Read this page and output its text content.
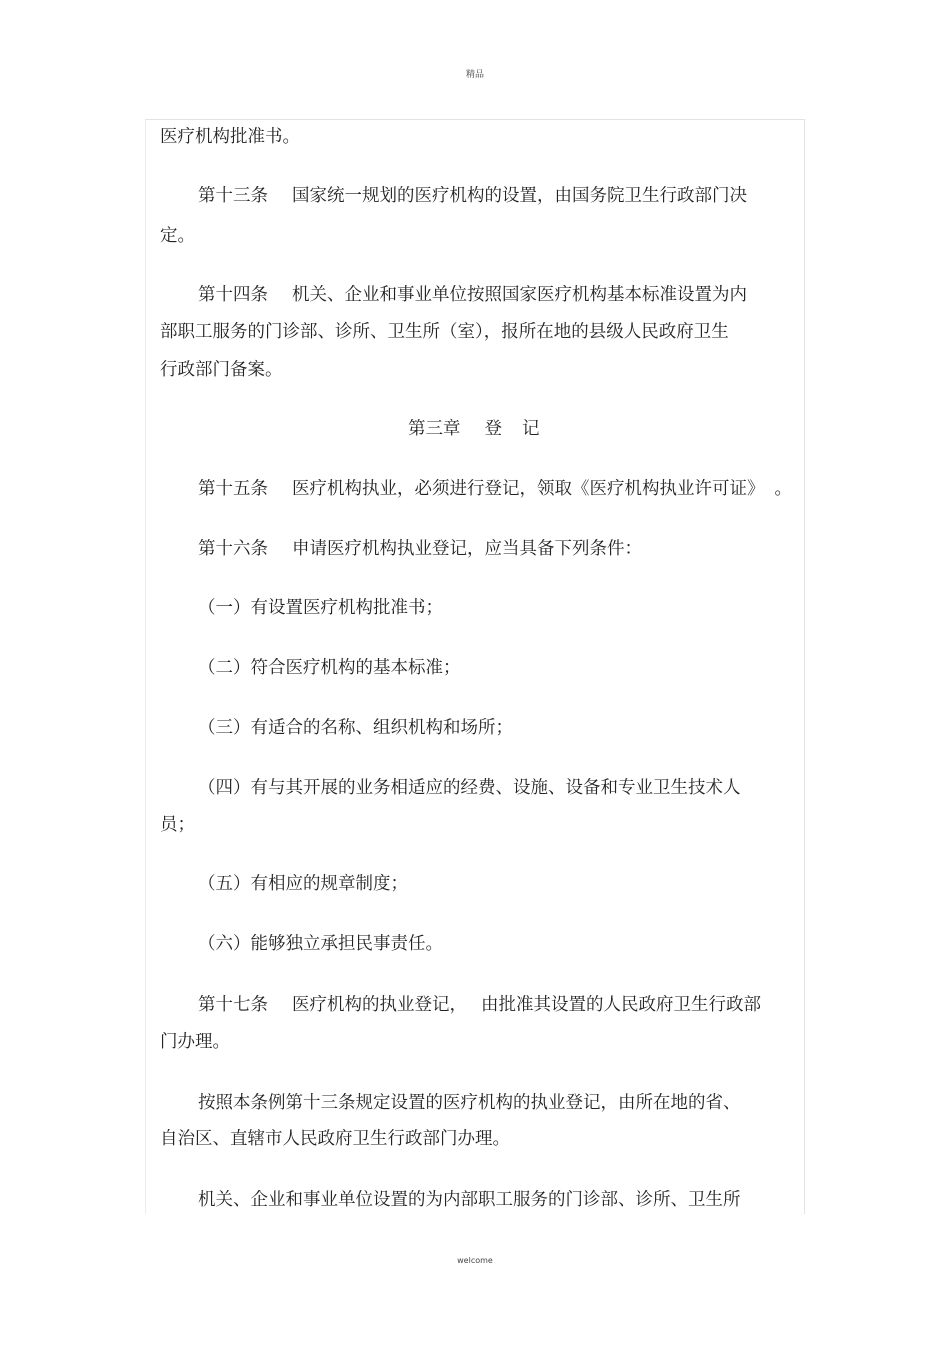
精品
医疗机构批准书。
第十三条 国家统一规划的医疗机构的设置，由国务院卫生行政部门决
定。
第十四条 机关、企业和事业单位按照国家医疗机构基本标准设置为内
部职工服务的门诊部、诊所、卫生所（室），报所在地的县级人民政府卫生
行政部门备案。
第三章 登 记
第十五条 医疗机构执业，必须进行登记，领取《医疗机构执业许可证》 。
第十六条 申请医疗机构执业登记，应当具备下列条件：
（一）有设置医疗机构批准书；
（二）符合医疗机构的基本标准；
（三）有适合的名称、组织机构和场所；
（四）有与其开展的业务相适应的经费、设施、设备和专业卫生技术人
员；
（五）有相应的规章制度；
（六）能够独立承担民事责任。
第十七条 医疗机构的执业登记， 由批准其设置的人民政府卫生行政部
门办理。
按照本条例第十三条规定设置的医疗机构的执业登记，由所在地的省、
自治区、直辖市人民政府卫生行政部门办理。
机关、企业和事业单位设置的为内部职工服务的门诊部、诊所、卫生所
welcome
